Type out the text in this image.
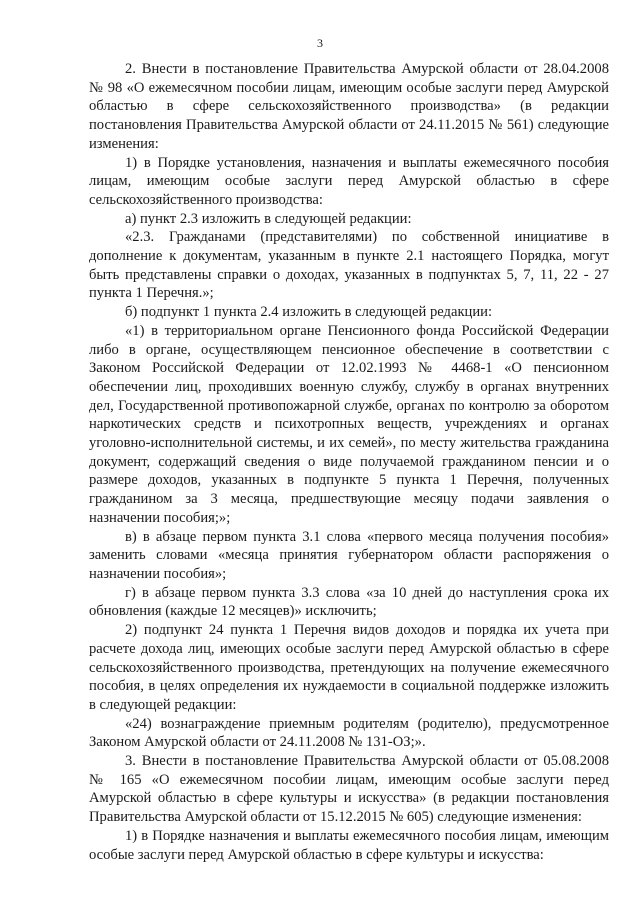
3

2. Внести в постановление Правительства Амурской области от 28.04.2008 № 98 «О ежемесячном пособии лицам, имеющим особые заслуги перед Амурской областью в сфере сельскохозяйственного производства» (в редакции постановления Правительства Амурской области от 24.11.2015 № 561) следующие изменения:

1) в Порядке установления, назначения и выплаты ежемесячного пособия лицам, имеющим особые заслуги перед Амурской областью в сфере сельскохозяйственного производства:

а) пункт 2.3 изложить в следующей редакции:

«2.3. Гражданами (представителями) по собственной инициативе в дополнение к документам, указанным в пункте 2.1 настоящего Порядка, могут быть представлены справки о доходах, указанных в подпунктах 5, 7, 11, 22 - 27 пункта 1 Перечня.»;

б) подпункт 1 пункта 2.4 изложить в следующей редакции:

«1) в территориальном органе Пенсионного фонда Российской Федерации либо в органе, осуществляющем пенсионное обеспечение в соответствии с Законом Российской Федерации от 12.02.1993 № 4468-1 «О пенсионном обеспечении лиц, проходивших военную службу, службу в органах внутренних дел, Государственной противопожарной службе, органах по контролю за оборотом наркотических средств и психотропных веществ, учреждениях и органах уголовно-исполнительной системы, и их семей», по месту жительства гражданина документ, содержащий сведения о виде получаемой гражданином пенсии и о размере доходов, указанных в подпункте 5 пункта 1 Перечня, полученных гражданином за 3 месяца, предшествующие месяцу подачи заявления о назначении пособия;»;

в) в абзаце первом пункта 3.1 слова «первого месяца получения пособия» заменить словами «месяца принятия губернатором области распоряжения о назначении пособия»;

г) в абзаце первом пункта 3.3 слова «за 10 дней до наступления срока их обновления (каждые 12 месяцев)» исключить;

2) подпункт 24 пункта 1 Перечня видов доходов и порядка их учета при расчете дохода лиц, имеющих особые заслуги перед Амурской областью в сфере сельскохозяйственного производства, претендующих на получение ежемесячного пособия, в целях определения их нуждаемости в социальной поддержке изложить в следующей редакции:

«24) вознаграждение приемным родителям (родителю), предусмотренное Законом Амурской области от 24.11.2008 № 131-ОЗ;».

3. Внести в постановление Правительства Амурской области от 05.08.2008 № 165 «О ежемесячном пособии лицам, имеющим особые заслуги перед Амурской областью в сфере культуры и искусства» (в редакции постановления Правительства Амурской области от 15.12.2015 № 605) следующие изменения:

1) в Порядке назначения и выплаты ежемесячного пособия лицам, имеющим особые заслуги перед Амурской областью в сфере культуры и искусства:
